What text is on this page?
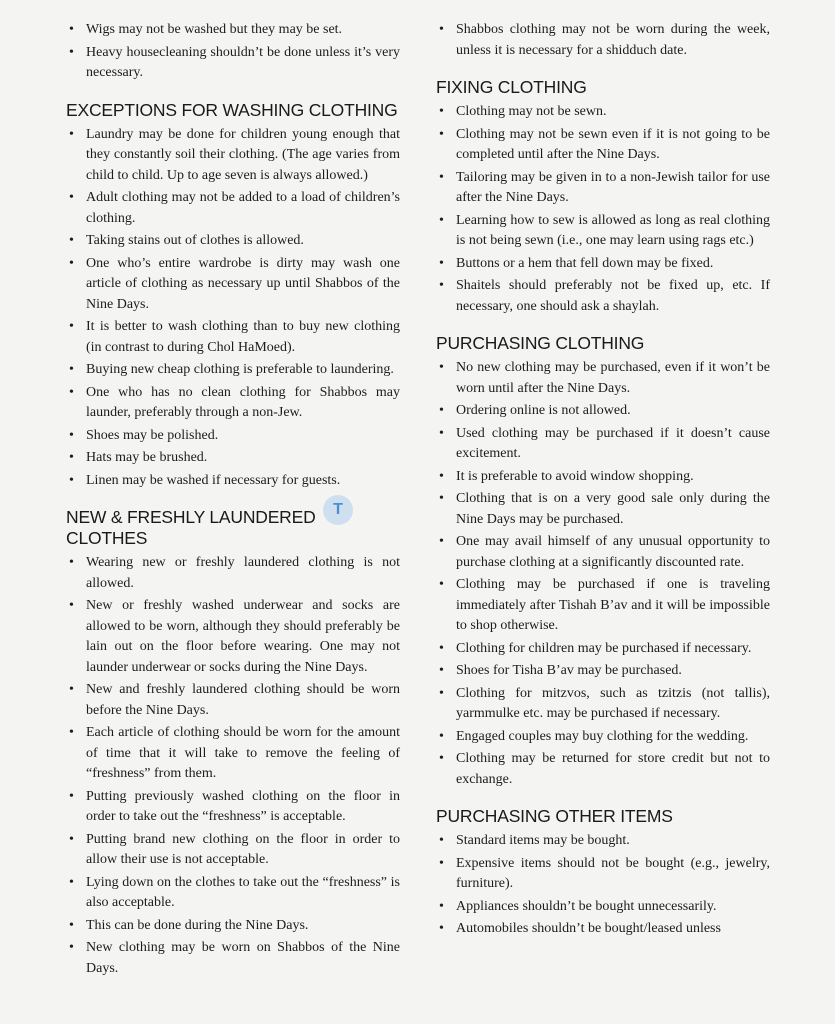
• Wigs may not be washed but they may be set.
• Heavy housecleaning shouldn’t be done unless it’s very necessary.
EXCEPTIONS FOR WASHING CLOTHING
• Laundry may be done for children young enough that they constantly soil their clothing. (The age varies from child to child. Up to age seven is always allowed.)
• Adult clothing may not be added to a load of children’s clothing.
• Taking stains out of clothes is allowed.
• One who’s entire wardrobe is dirty may wash one article of clothing as necessary up until Shabbos of the Nine Days.
• It is better to wash clothing than to buy new clothing (in contrast to during Chol HaMoed).
• Buying new cheap clothing is preferable to laundering.
• One who has no clean clothing for Shabbos may launder, preferably through a non-Jew.
• Shoes may be polished.
• Hats may be brushed.
• Linen may be washed if necessary for guests.
NEW & FRESHLY LAUNDERED CLOTHES
• Wearing new or freshly laundered clothing is not allowed.
• New or freshly washed underwear and socks are allowed to be worn, although they should preferably be lain out on the floor before wearing. One may not launder underwear or socks during the Nine Days.
• New and freshly laundered clothing should be worn before the Nine Days.
• Each article of clothing should be worn for the amount of time that it will take to remove the feeling of “freshness” from them.
• Putting previously washed clothing on the floor in order to take out the “freshness” is acceptable.
• Putting brand new clothing on the floor in order to allow their use is not acceptable.
• Lying down on the clothes to take out the “freshness” is also acceptable.
• This can be done during the Nine Days.
• New clothing may be worn on Shabbos of the Nine Days.
• Shabbos clothing may not be worn during the week, unless it is necessary for a shidduch date.
FIXING CLOTHING
• Clothing may not be sewn.
• Clothing may not be sewn even if it is not going to be completed until after the Nine Days.
• Tailoring may be given in to a non-Jewish tailor for use after the Nine Days.
• Learning how to sew is allowed as long as real clothing is not being sewn (i.e., one may learn using rags etc.)
• Buttons or a hem that fell down may be fixed.
• Shaitels should preferably not be fixed up, etc. If necessary, one should ask a shaylah.
PURCHASING CLOTHING
• No new clothing may be purchased, even if it won’t be worn until after the Nine Days.
• Ordering online is not allowed.
• Used clothing may be purchased if it doesn’t cause excitement.
• It is preferable to avoid window shopping.
• Clothing that is on a very good sale only during the Nine Days may be purchased.
• One may avail himself of any unusual opportunity to purchase clothing at a significantly discounted rate.
• Clothing may be purchased if one is traveling immediately after Tishah B’av and it will be impossible to shop otherwise.
• Clothing for children may be purchased if necessary.
• Shoes for Tisha B’av may be purchased.
• Clothing for mitzvos, such as tzitzis (not tallis), yarmmulke etc. may be purchased if necessary.
• Engaged couples may buy clothing for the wedding.
• Clothing may be returned for store credit but not to exchange.
PURCHASING OTHER ITEMS
• Standard items may be bought.
• Expensive items should not be bought (e.g., jewelry, furniture).
• Appliances shouldn’t be bought unnecessarily.
• Automobiles shouldn’t be bought/leased unless
T
